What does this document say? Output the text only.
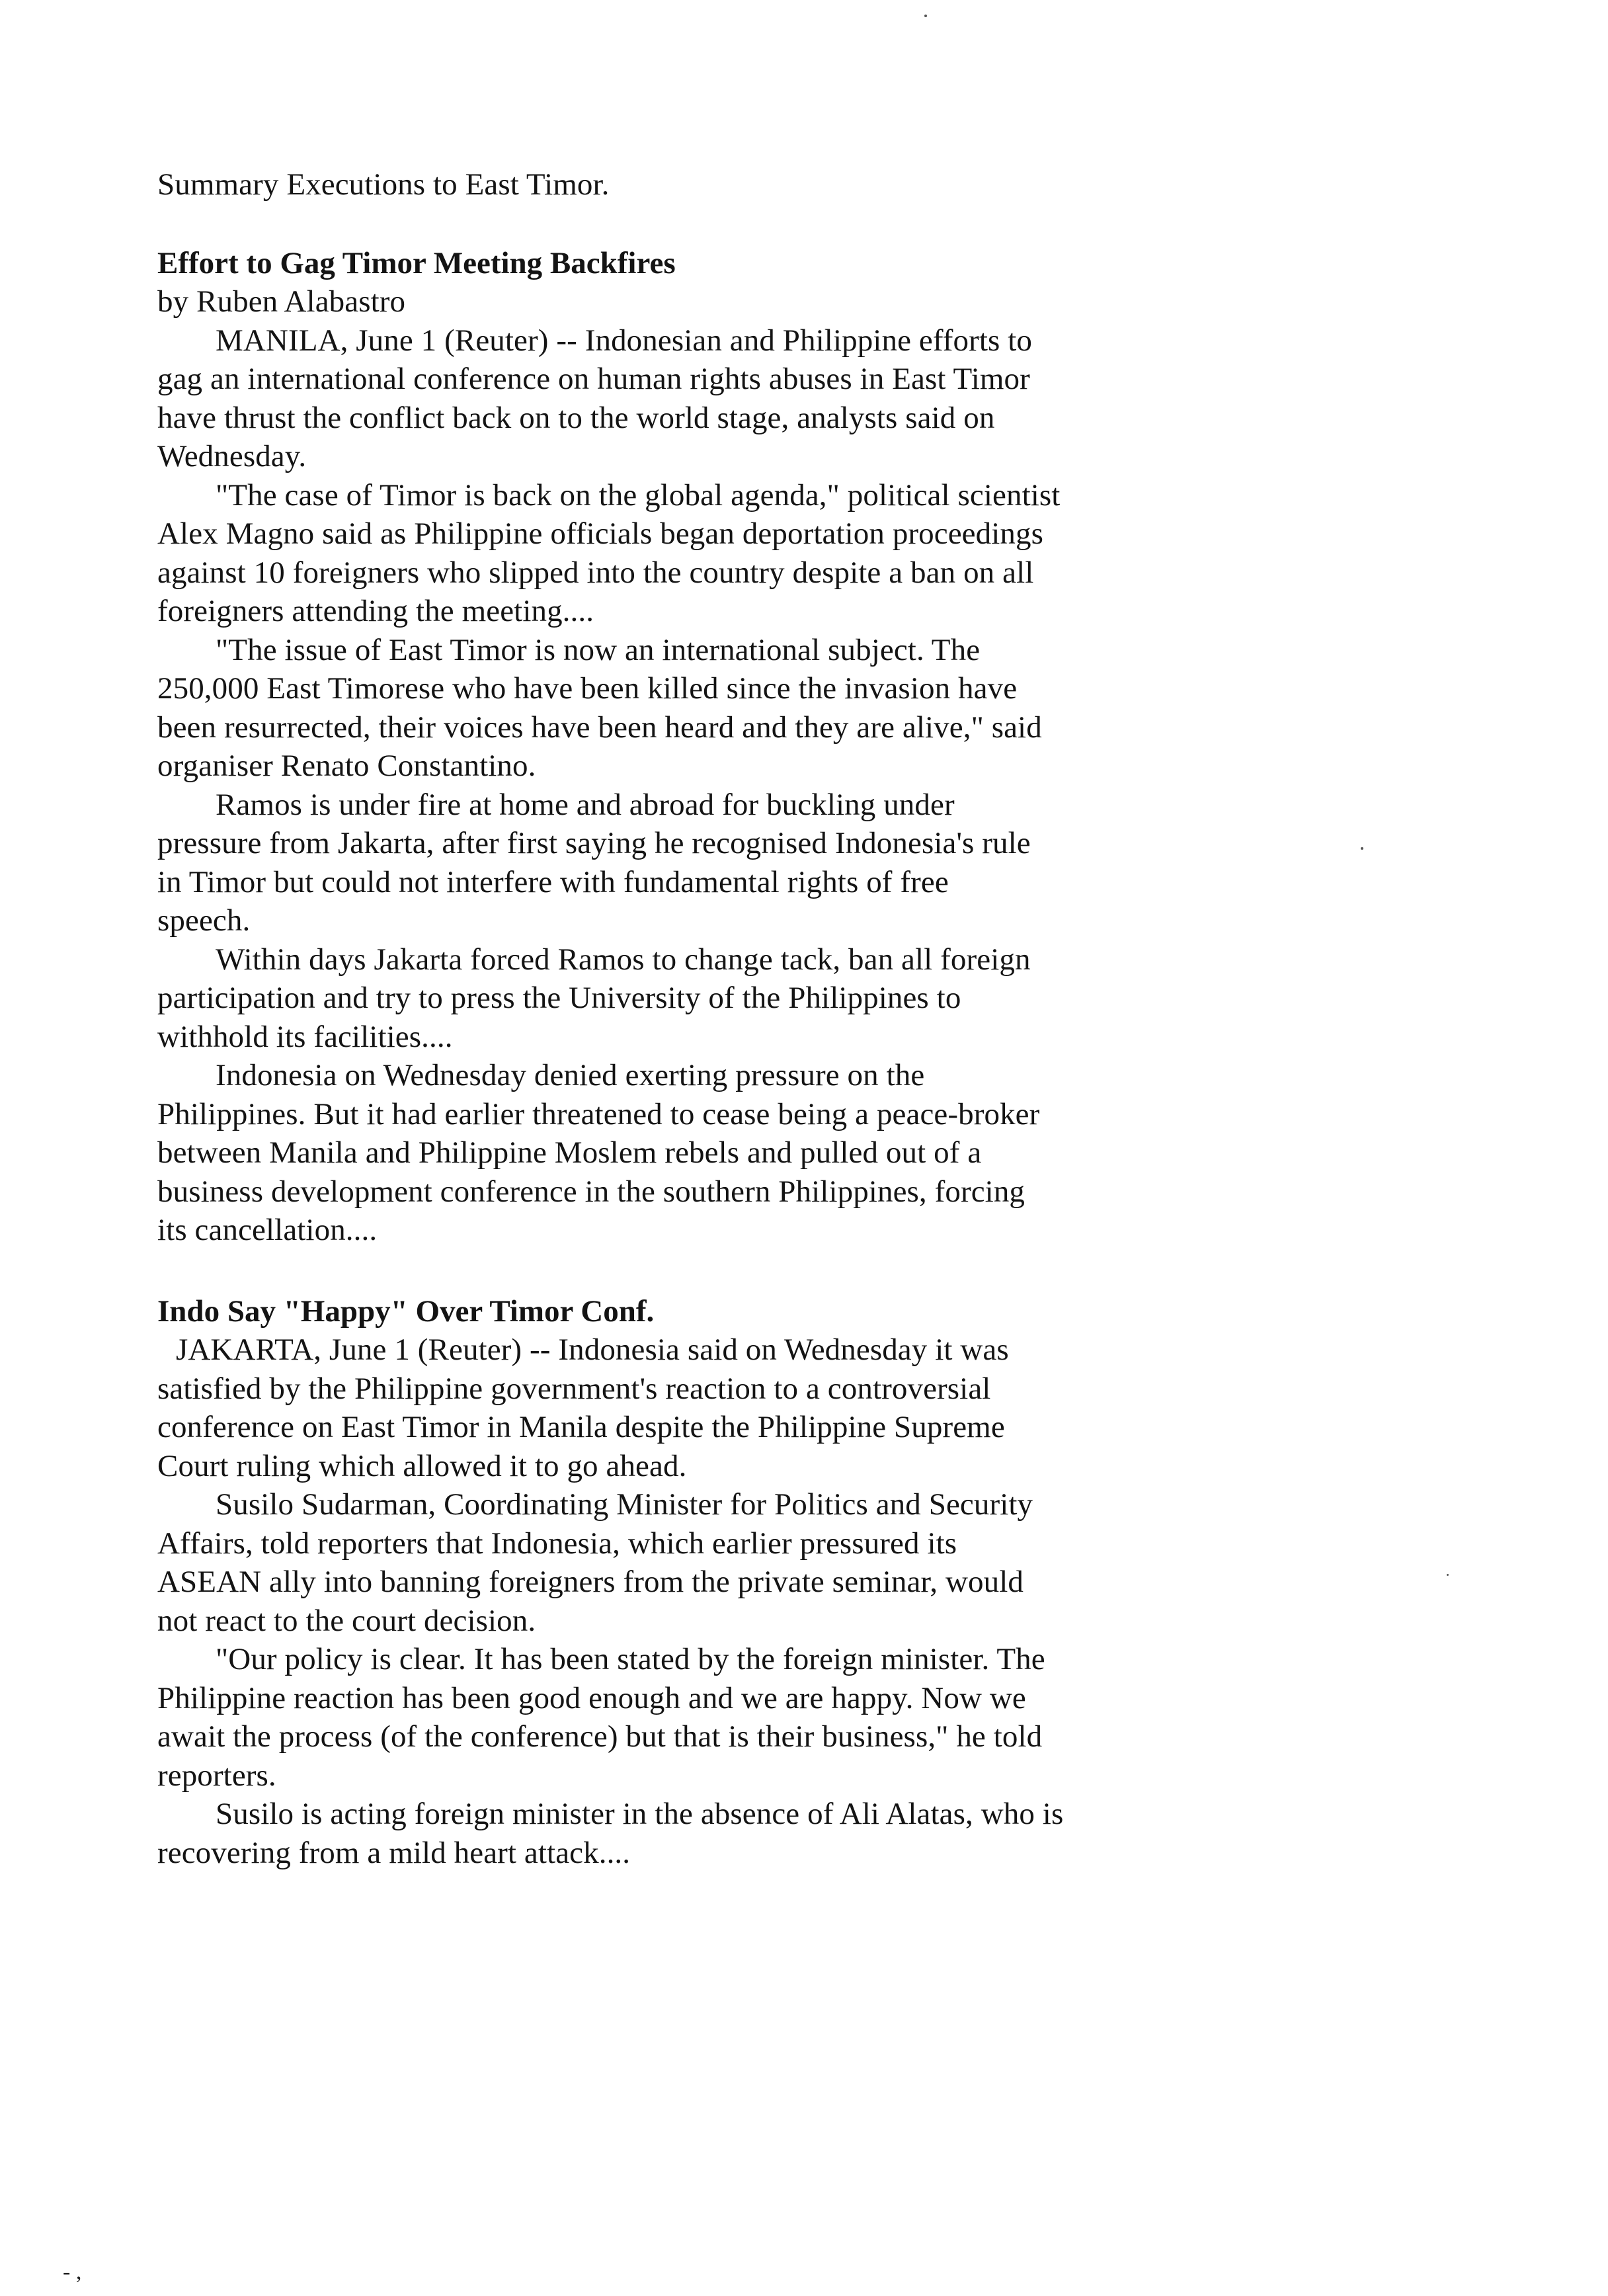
Summary Executions to East Timor.
Effort to Gag Timor Meeting Backfires
by Ruben Alabastro
MANILA, June 1 (Reuter) -- Indonesian and Philippine efforts to
gag an international conference on human rights abuses in East Timor
have thrust the conflict back on to the world stage, analysts said on
Wednesday.
"The case of Timor is back on the global agenda," political scientist
Alex Magno said as Philippine officials began deportation proceedings
against 10 foreigners who slipped into the country despite a ban on all
foreigners attending the meeting....
"The issue of East Timor is now an international subject. The
250,000 East Timorese who have been killed since the invasion have
been resurrected, their voices have been heard and they are alive," said
organiser Renato Constantino.
Ramos is under fire at home and abroad for buckling under
pressure from Jakarta, after first saying he recognised Indonesia's rule
in Timor but could not interfere with fundamental rights of free
speech.
Within days Jakarta forced Ramos to change tack, ban all foreign
participation and try to press the University of the Philippines to
withhold its facilities....
Indonesia on Wednesday denied exerting pressure on the
Philippines. But it had earlier threatened to cease being a peace-broker
between Manila and Philippine Moslem rebels and pulled out of a
business development conference in the southern Philippines, forcing
its cancellation....
Indo Say "Happy" Over Timor Conf.
JAKARTA, June 1 (Reuter) -- Indonesia said on Wednesday it was
satisfied by the Philippine government's reaction to a controversial
conference on East Timor in Manila despite the Philippine Supreme
Court ruling which allowed it to go ahead.
Susilo Sudarman, Coordinating Minister for Politics and Security
Affairs, told reporters that Indonesia, which earlier pressured its
ASEAN ally into banning foreigners from the private seminar, would
not react to the court decision.
"Our policy is clear. It has been stated by the foreign minister. The
Philippine reaction has been good enough and we are happy. Now we
await the process (of the conference) but that is their business," he told
reporters.
Susilo is acting foreign minister in the absence of Ali Alatas, who is
recovering from a mild heart attack....
- ,
